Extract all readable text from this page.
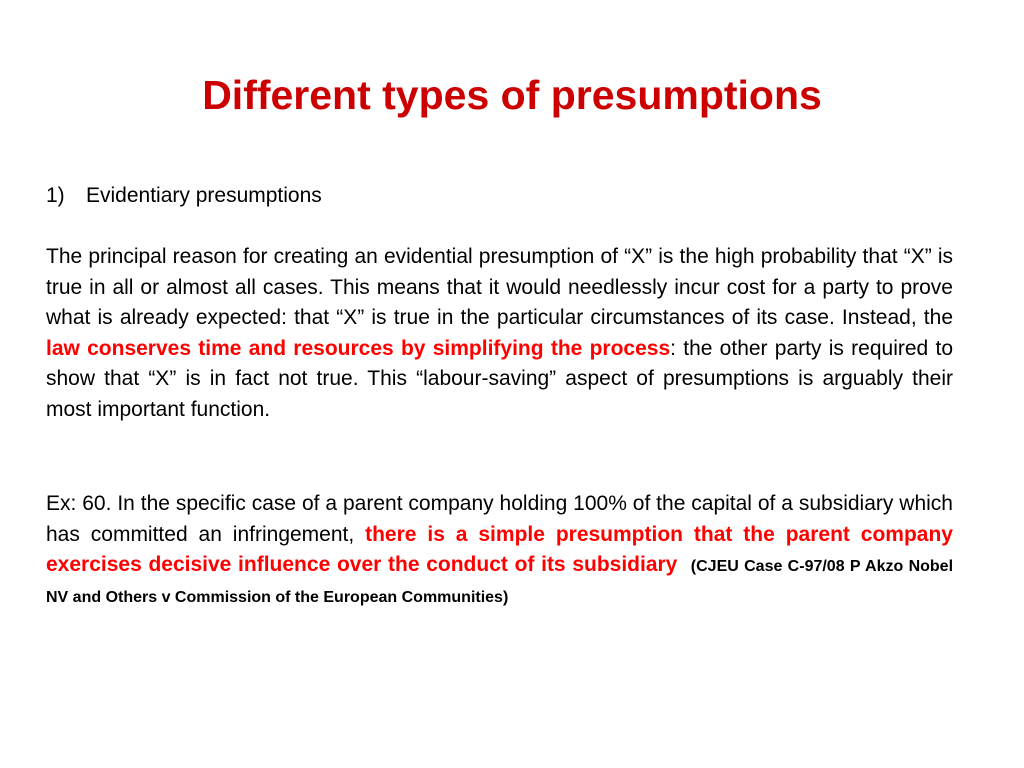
Different types of presumptions
1)	Evidentiary presumptions

The principal reason for creating an evidential presumption of “X” is the high probability that “X” is true in all or almost all cases. This means that it would needlessly incur cost for a party to prove what is already expected: that “X” is true in the particular circumstances of its case. Instead, the law conserves time and resources by simplifying the process: the other party is required to show that “X” is in fact not true. This “labour-saving” aspect of presumptions is arguably their most important function.

Ex: 60. In the specific case of a parent company holding 100% of the capital of a subsidiary which has committed an infringement, there is a simple presumption that the parent company exercises decisive influence over the conduct of its subsidiary (CJEU Case C-97/08 P Akzo Nobel NV and Others v Commission of the European Communities)
